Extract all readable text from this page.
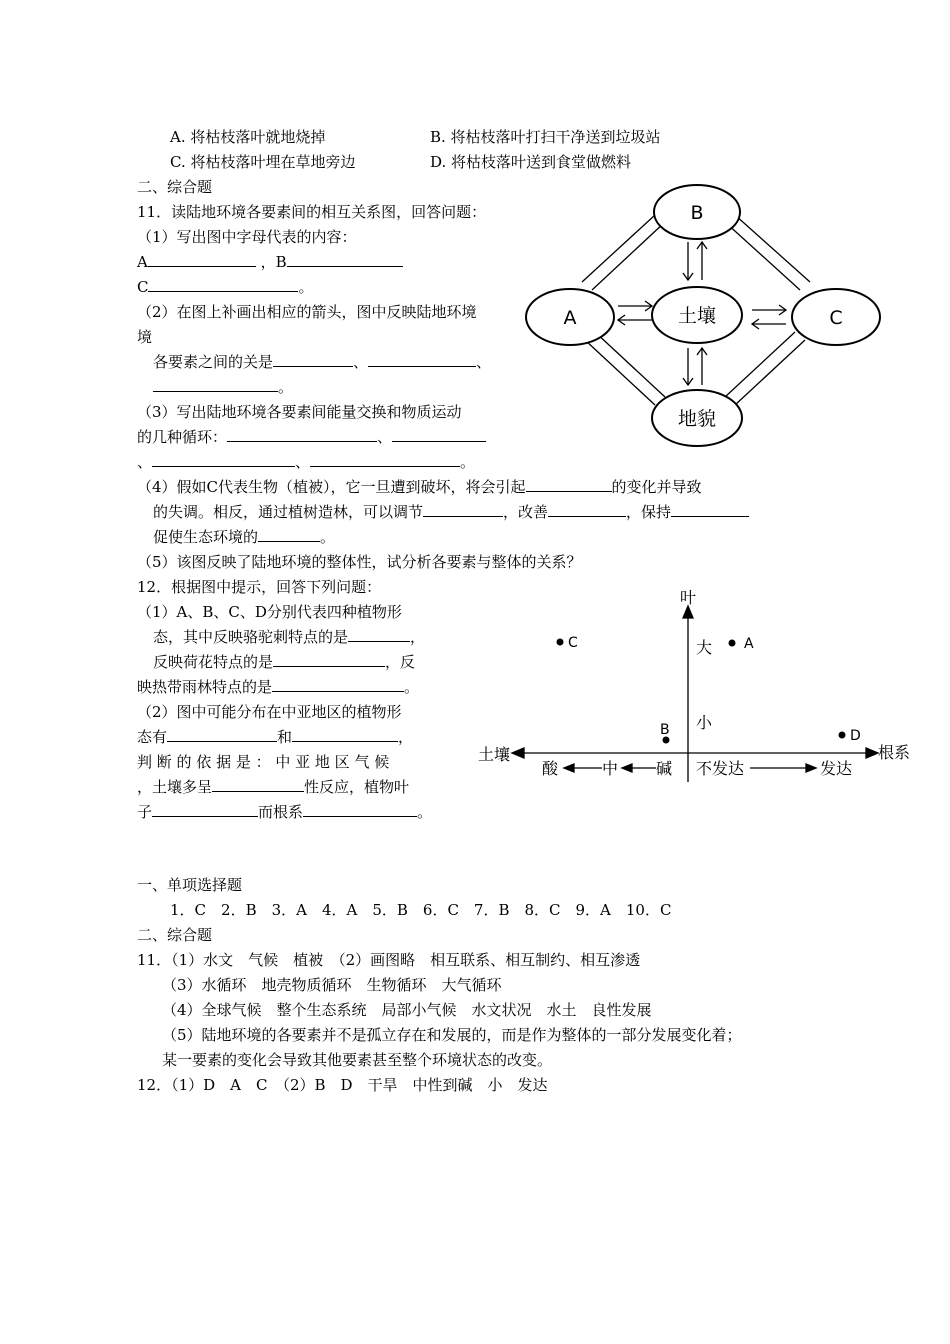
A. 将枯枝落叶就地烧掉	B. 将枯枝落叶打扫干净送到垃圾站
C. 将枯枝落叶埋在草地旁边	D. 将枯枝落叶送到食堂做燃料
二、综合题
11．读陆地环境各要素间的相互关系图，回答问题：
（1）写出图中字母代表的内容：
A	，B
C	。
（2）在图上补画出相应的箭头，图中反映陆地环境
境
各要素之间的关是	、	、
。
（3）写出陆地环境各要素间能量交换和物质运动
的几种循环：	、
、	、	。
（4）假如C代表生物（植被），它一旦遭到破坏，将会引起	的变化并导致
的失调。相反，通过植树造林，可以调节	，改善	，保持
促使生态环境的	。
（5）该图反映了陆地环境的整体性，试分析各要素与整体的关系？
B
A	土壤	C
地貌
12．根据图中提示，回答下列问题：
（1）A、B、C、D分别代表四种植物形
态，其中反映骆驼刺特点的是	，
反映荷花特点的是	，反
映热带雨林特点的是	。
（2）图中可能分布在中亚地区的植物形
态有	和	，
判 断 的 依 据 是 ： 中 亚 地 区 气 候
，土壤多呈	性反应，植物叶
子	而根系	。
叶
土壤	根系
大
小
酸	中 碱 不发达	发达
C	A
B	D
一、单项选择题
1．C　2．B　3．A　4．A　5．B　6．C　7．B　8．C　9．A　10．C
二、综合题
11．（1）水文　气候　植被　（2）画图略　相互联系、相互制约、相互渗透
（3）水循环　地壳物质循环　生物循环　大气循环
（4）全球气候　整个生态系统　局部小气候　水文状况　水土　良性发展
（5）陆地环境的各要素并不是孤立存在和发展的，而是作为整体的一部分发展变化着；
某一要素的变化会导致其他要素甚至整个环境状态的改变。
12．（1）D　A　C　（2）B　D　干旱　中性到碱　小　发达
